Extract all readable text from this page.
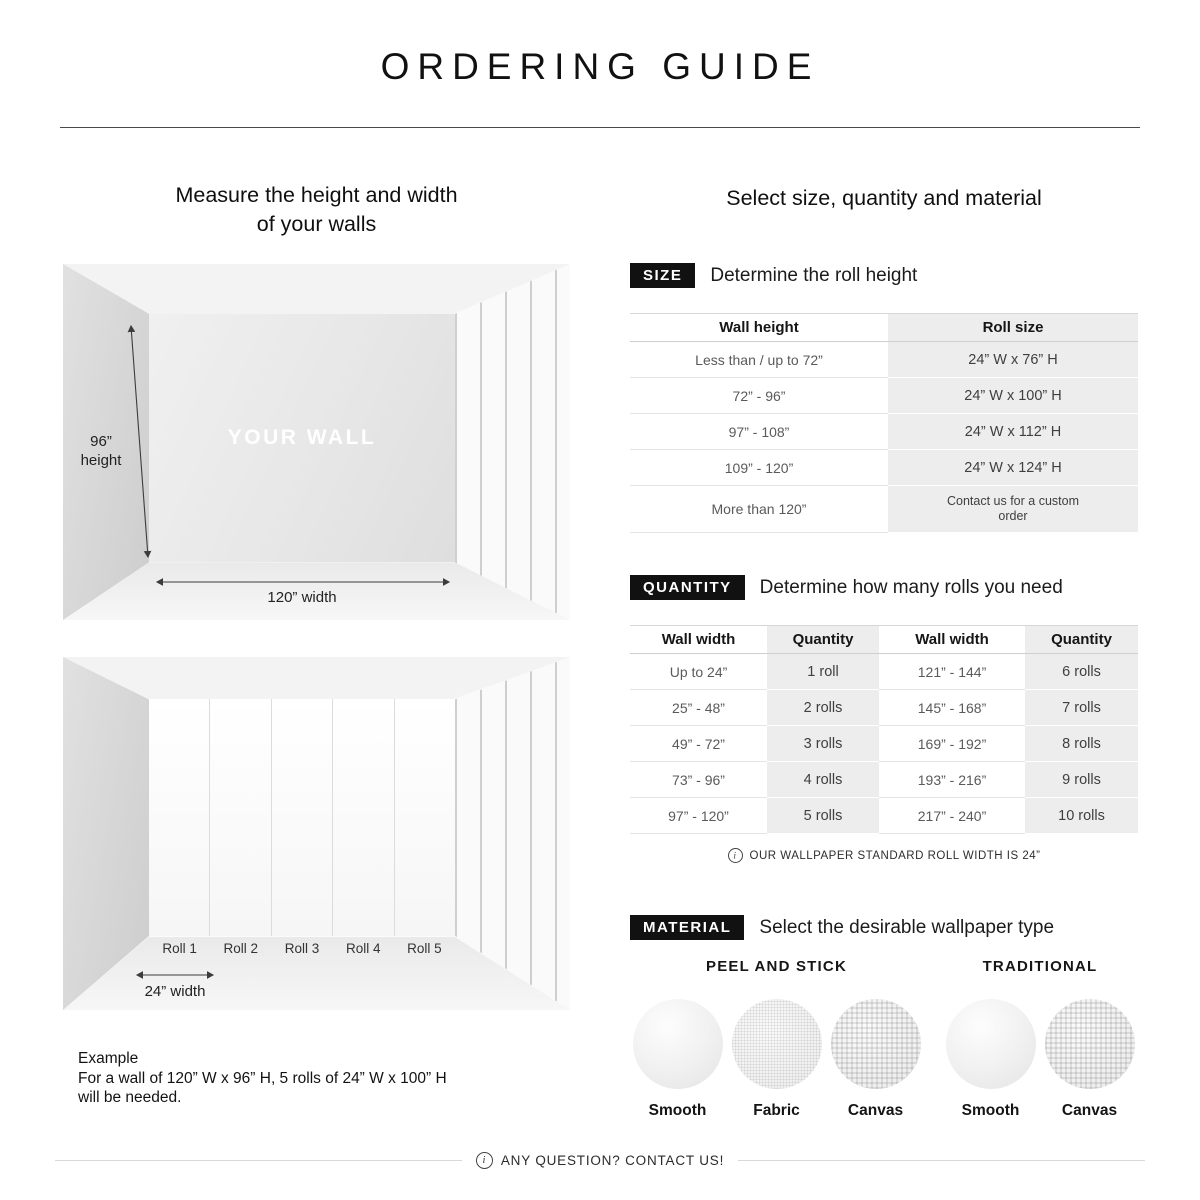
ORDERING GUIDE
Measure the height and width
of your walls
YOUR WALL
96”
height
120” width
Roll 1	Roll 2	Roll 3	Roll 4	Roll 5
24” width
Example
For a wall of 120” W x 96” H, 5 rolls of 24” W x 100” H
will be needed.
Select size, quantity and material
SIZE	Determine the roll height
Wall height	Roll size
Less than / up to 72”	24” W x 76” H
72” - 96”	24” W x 100” H
97” - 108”	24” W x 112” H
109” - 120”	24” W x 124” H
More than 120”	Contact us for a custom order
QUANTITY	Determine how many rolls you need
Wall width	Quantity	Wall width	Quantity
Up to 24”	1 roll	121” - 144”	6 rolls
25” - 48”	2 rolls	145” - 168”	7 rolls
49” - 72”	3 rolls	169” - 192”	8 rolls
73” - 96”	4 rolls	193” - 216”	9 rolls
97” - 120”	5 rolls	217” - 240”	10 rolls
i
OUR WALLPAPER STANDARD ROLL WIDTH IS 24”
MATERIAL	Select the desirable wallpaper type
PEEL AND STICK
Smooth	Fabric	Canvas
TRADITIONAL
Smooth	Canvas
i
ANY QUESTION? CONTACT US!
